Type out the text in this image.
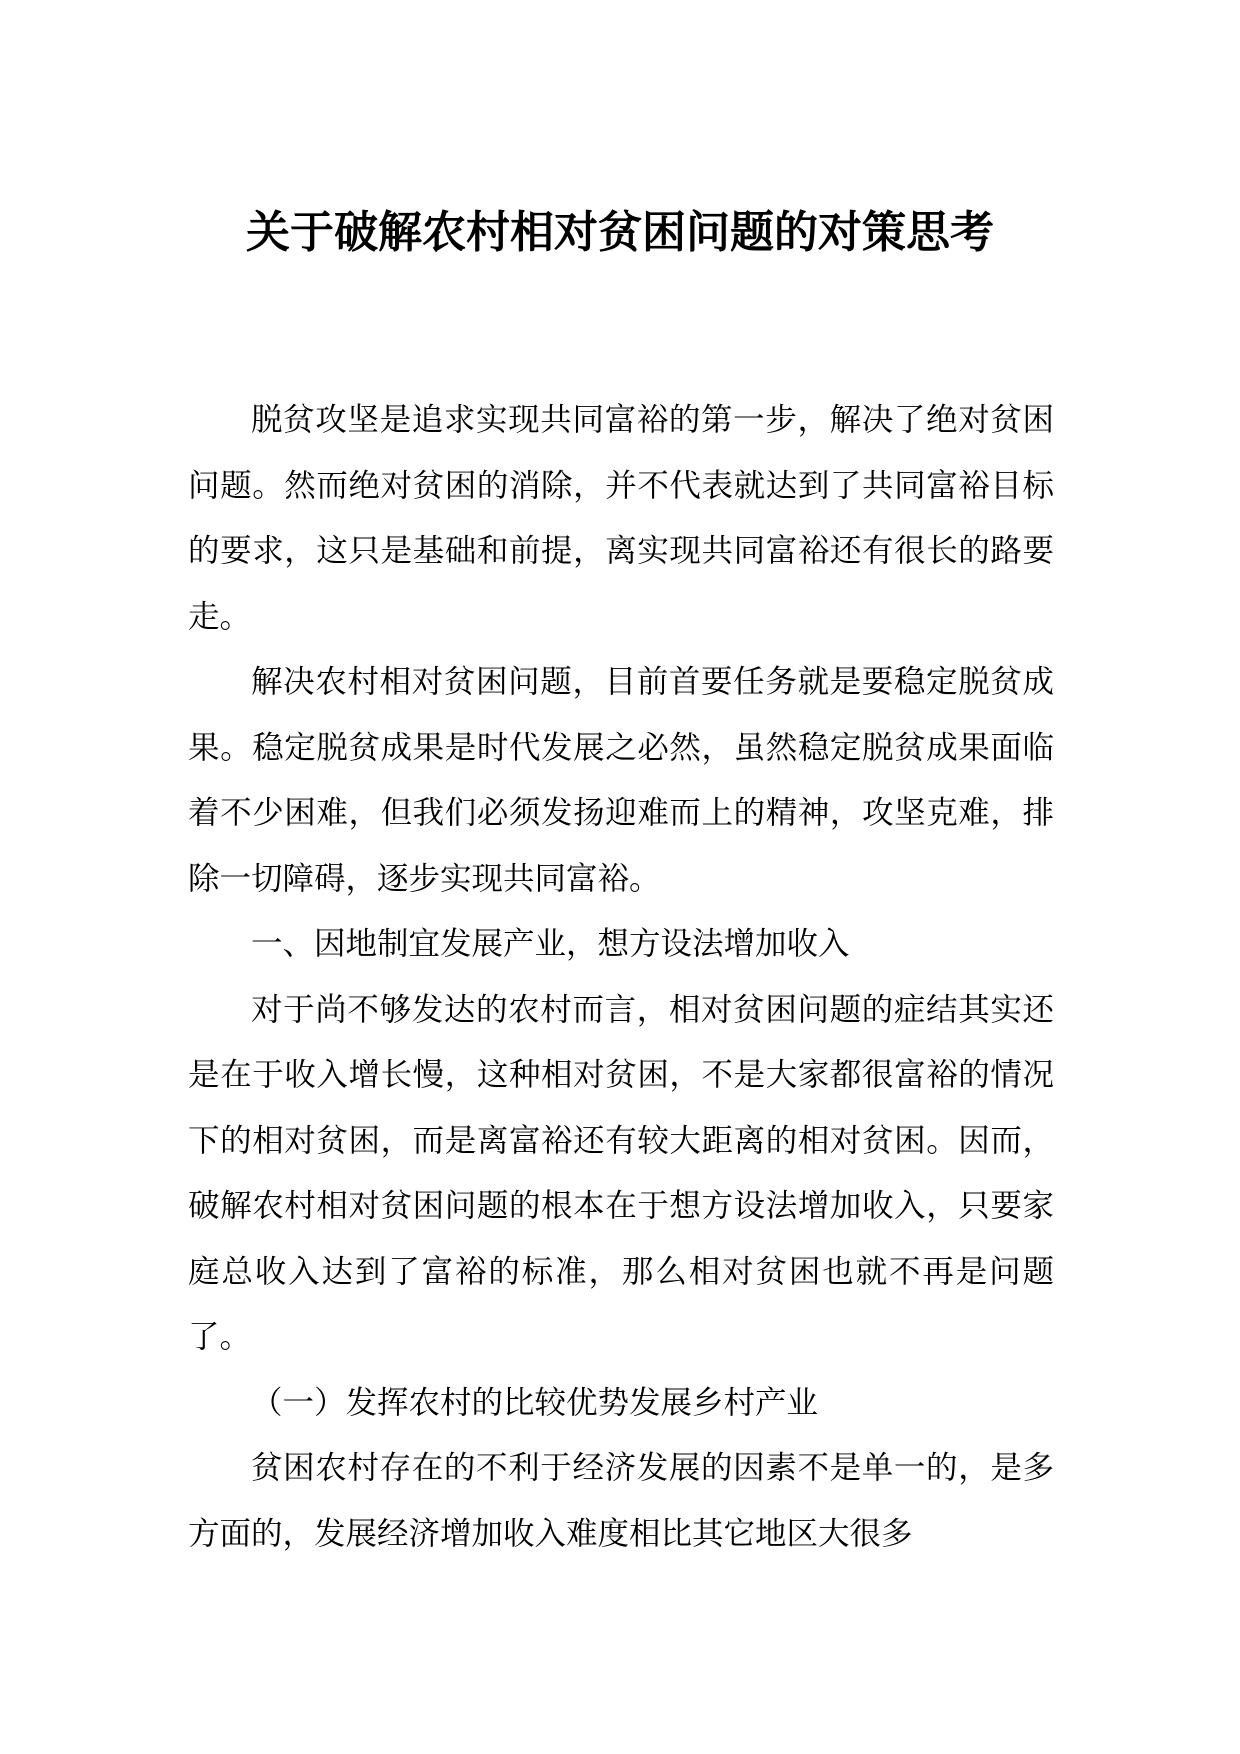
关于破解农村相对贫困问题的对策思考

脱贫攻坚是追求实现共同富裕的第一步，解决了绝对贫困问题。然而绝对贫困的消除，并不代表就达到了共同富裕目标的要求，这只是基础和前提，离实现共同富裕还有很长的路要走。

解决农村相对贫困问题，目前首要任务就是要稳定脱贫成果。稳定脱贫成果是时代发展之必然，虽然稳定脱贫成果面临着不少困难，但我们必须发扬迎难而上的精神，攻坚克难，排除一切障碍，逐步实现共同富裕。

一、因地制宜发展产业，想方设法增加收入

对于尚不够发达的农村而言，相对贫困问题的症结其实还是在于收入增长慢，这种相对贫困，不是大家都很富裕的情况下的相对贫困，而是离富裕还有较大距离的相对贫困。因而，破解农村相对贫困问题的根本在于想方设法增加收入，只要家庭总收入达到了富裕的标准，那么相对贫困也就不再是问题了。

（一）发挥农村的比较优势发展乡村产业

贫困农村存在的不利于经济发展的因素不是单一的，是多方面的，发展经济增加收入难度相比其它地区大很多
